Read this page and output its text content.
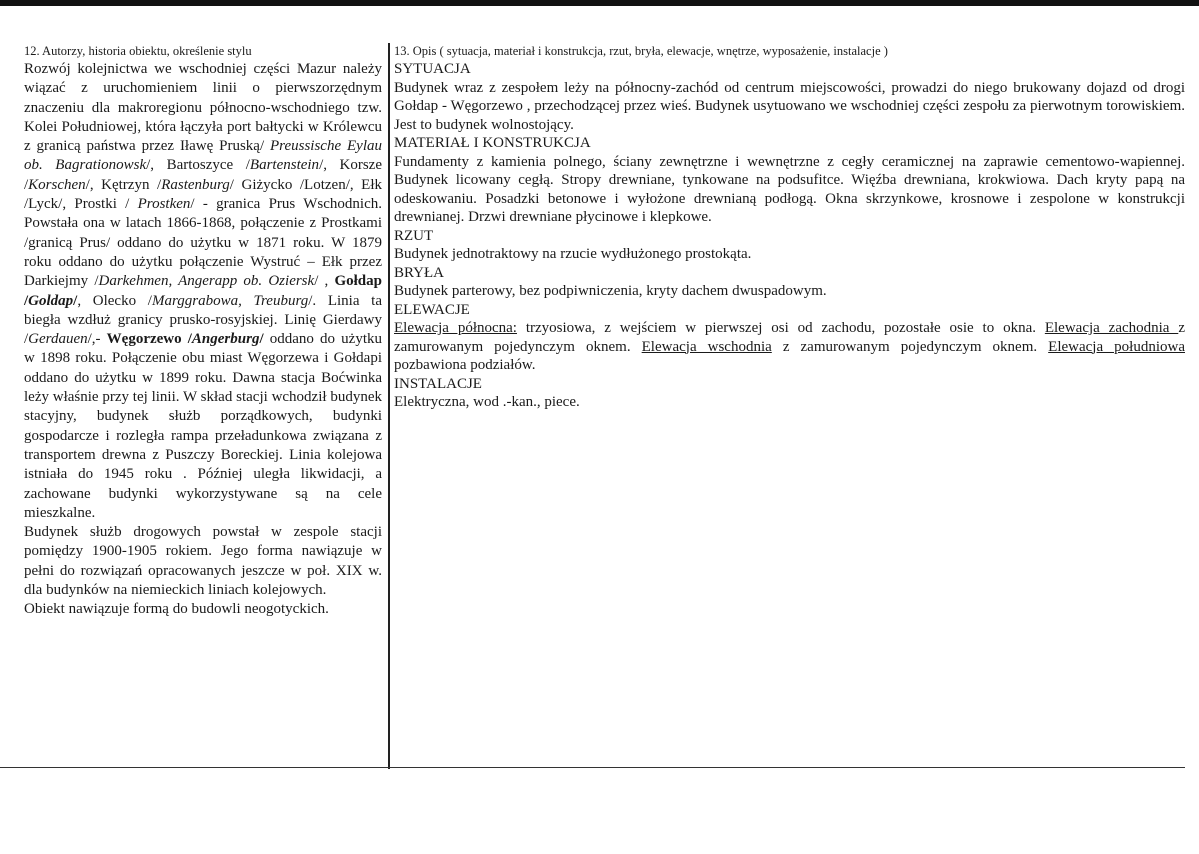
12. Autorzy, historia obiektu, określenie stylu

Rozwój kolejnictwa we wschodniej części Mazur należy wiązać z uruchomieniem linii o pierwszorzędnym znaczeniu dla makroregionu północno-wschodniego tzw. Kolei Południowej, która łączyła port bałtycki w Królewcu z granicą państwa przez Iławę Pruską/ Preussische Eylau ob. Bagrationowsk/, Bartoszyce /Bartenstein/, Korsze /Korschen/, Kętrzyn /Rastenburg/ Giżycko /Lotzen/, Ełk /Lyck/, Prostki / Prostken/ - granica Prus Wschodnich. Powstała ona w latach 1866-1868, połączenie z Prostkami /granicą Prus/ oddano do użytku w 1871 roku. W 1879 roku oddano do użytku połączenie Wystruć – Ełk przez Darkiejmy /Darkehmen, Angerapp ob. Oziersk/ , Gołdap /Goldap/, Olecko /Marggrabowa, Treuburg/. Linia ta biegła wzdłuż granicy prusko-rosyjskiej. Linię Gierdawy /Gerdauen/,- Węgorzewo /Angerburg/ oddano do użytku w 1898 roku. Połączenie obu miast Węgorzewa i Gołdapi oddano do użytku w 1899 roku. Dawna stacja Boćwinka leży właśnie przy tej linii. W skład stacji wchodził budynek stacyjny, budynek służb porządkowych, budynki gospodarcze i rozległa rampa przeładunkowa związana z transportem drewna z Puszczy Boreckiej. Linia kolejowa istniała do 1945 roku . Później uległa likwidacji, a zachowane budynki wykorzystywane są na cele mieszkalne.

Budynek służb drogowych powstał w zespole stacji pomiędzy 1900-1905 rokiem. Jego forma nawiązuje w pełni do rozwiązań opracowanych jeszcze w poł. XIX w. dla budynków na niemieckich liniach kolejowych.

Obiekt nawiązuje formą do budowli neogotyckich.

13. Opis ( sytuacja, materiał i konstrukcja, rzut, bryła, elewacje, wnętrze, wyposażenie, instalacje )
SYTUACJA
Budynek wraz z zespołem leży na północny-zachód od centrum miejscowości, prowadzi do niego brukowany dojazd od drogi Gołdap - Węgorzewo , przechodzącej przez wieś. Budynek usytuowano we wschodniej części zespołu za pierwotnym torowiskiem. Jest to budynek wolnostojący.
MATERIAŁ I KONSTRUKCJA
Fundamenty z kamienia polnego, ściany zewnętrzne i wewnętrzne z cegły ceramicznej na zaprawie cementowo-wapiennej. Budynek licowany cegłą. Stropy drewniane, tynkowane na podsufitce. Więźba drewniana, krokwiowa. Dach kryty papą na odeskowaniu. Posadzki betonowe i wyłożone drewnianą podłogą. Okna skrzynkowe, krosnowe i zespolone w konstrukcji drewnianej. Drzwi drewniane płycinowe i klepkowe.
RZUT
Budynek jednotraktowy na rzucie wydłużonego prostokąta.
BRYŁA
Budynek parterowy, bez podpiwniczenia, kryty dachem dwuspadowym.
ELEWACJE
Elewacja północna: trzyosiowa, z wejściem w pierwszej osi od zachodu, pozostałe osie to okna. Elewacja zachodnia z zamurowanym pojedynczym oknem. Elewacja wschodnia z zamurowanym pojedynczym oknem. Elewacja południowa pozbawiona podziałów.
INSTALACJE
Elektryczna, wod .-kan., piece.
